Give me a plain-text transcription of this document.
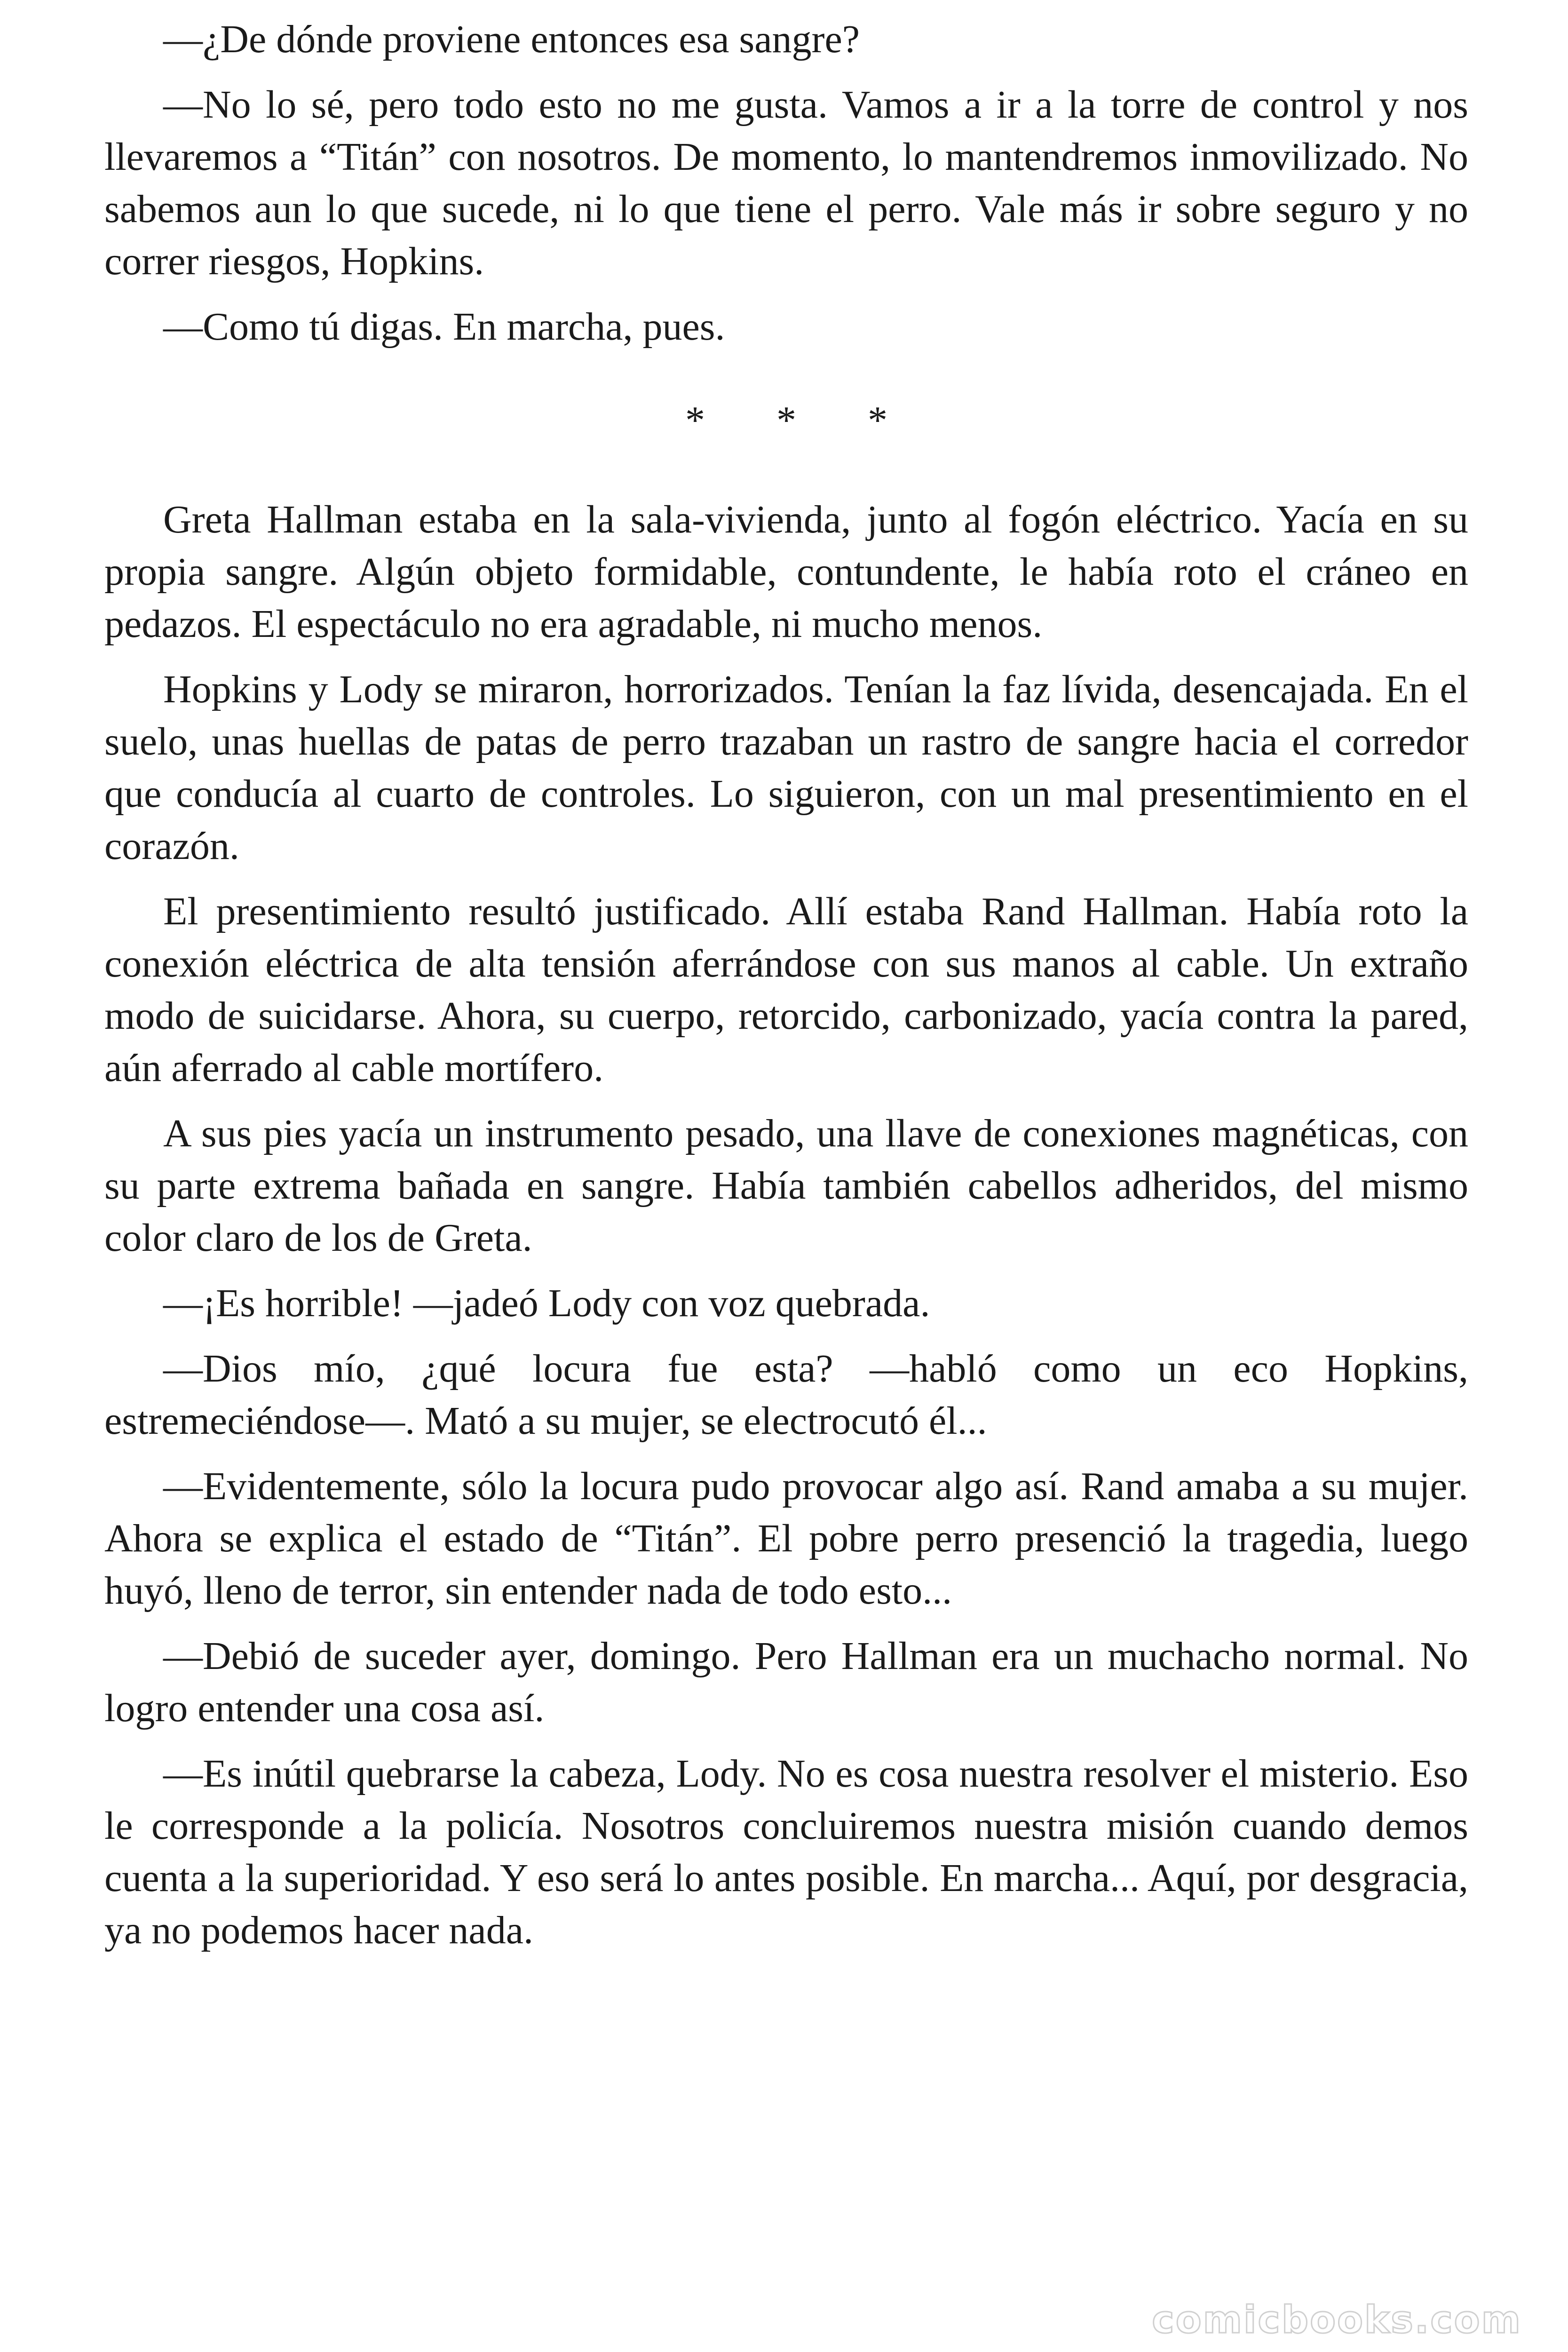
—¿De dónde proviene entonces esa sangre?

—No lo sé, pero todo esto no me gusta. Vamos a ir a la torre de control y nos llevaremos a “Titán” con nosotros. De momento, lo mantendremos inmovilizado. No sabemos aun lo que sucede, ni lo que tiene el perro. Vale más ir sobre seguro y no correr riesgos, Hopkins.

—Como tú digas. En marcha, pues.

* * *

Greta Hallman estaba en la sala-vivienda, junto al fogón eléctrico. Yacía en su propia sangre. Algún objeto formidable, contundente, le había roto el cráneo en pedazos. El espectáculo no era agradable, ni mucho menos.

Hopkins y Lody se miraron, horrorizados. Tenían la faz lívida, desencajada. En el suelo, unas huellas de patas de perro trazaban un rastro de sangre hacia el corredor que conducía al cuarto de controles. Lo siguieron, con un mal presentimiento en el corazón.

El presentimiento resultó justificado. Allí estaba Rand Hallman. Había roto la conexión eléctrica de alta tensión aferrándose con sus manos al cable. Un extraño modo de suicidarse. Ahora, su cuerpo, retorcido, carbonizado, yacía contra la pared, aún aferrado al cable mortífero.

A sus pies yacía un instrumento pesado, una llave de conexiones magnéticas, con su parte extrema bañada en sangre. Había también cabellos adheridos, del mismo color claro de los de Greta.

—¡Es horrible! —jadeó Lody con voz quebrada.

—Dios mío, ¿qué locura fue esta? —habló como un eco Hopkins, estremeciéndose—. Mató a su mujer, se electrocutó él...

—Evidentemente, sólo la locura pudo provocar algo así. Rand amaba a su mujer. Ahora se explica el estado de “Titán”. El pobre perro presenció la tragedia, luego huyó, lleno de terror, sin entender nada de todo esto...

—Debió de suceder ayer, domingo. Pero Hallman era un muchacho normal. No logro entender una cosa así.

—Es inútil quebrarse la cabeza, Lody. No es cosa nuestra resolver el misterio. Eso le corresponde a la policía. Nosotros concluiremos nuestra misión cuando demos cuenta a la superioridad. Y eso será lo antes posible. En marcha... Aquí, por desgracia, ya no podemos hacer nada.

comicbooks.com
